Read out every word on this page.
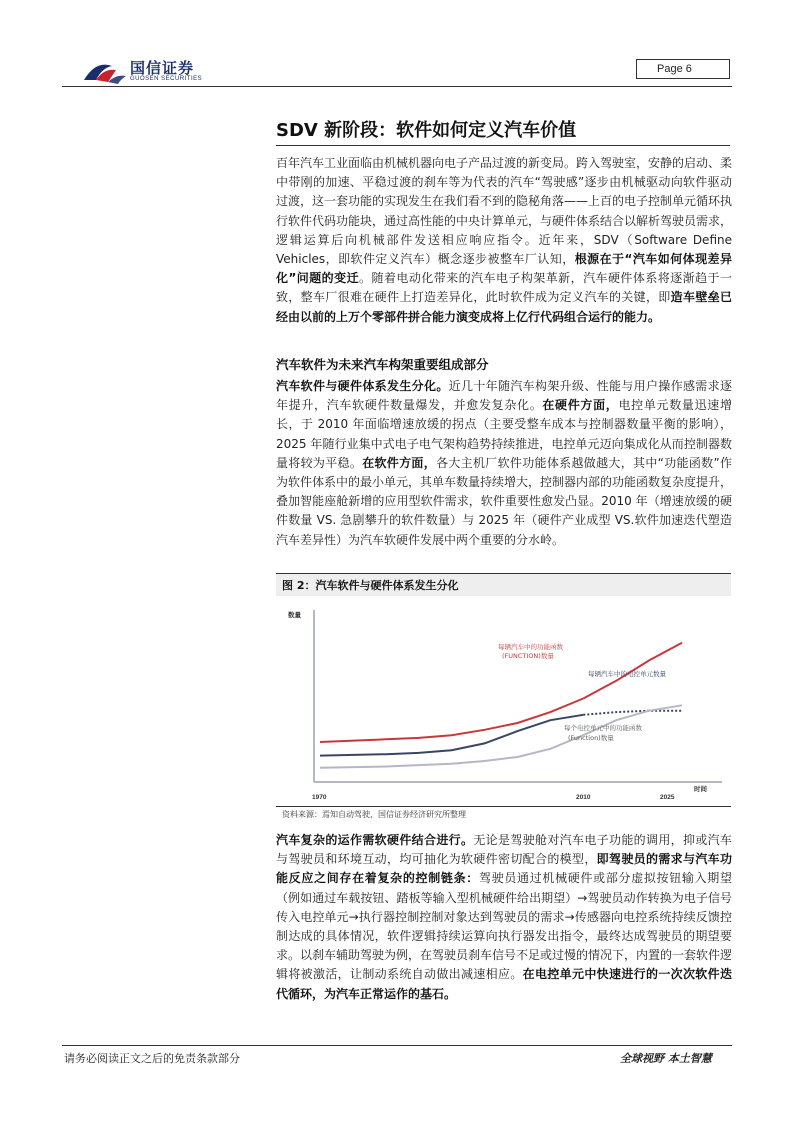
国信证券
GUOSEN SECURITIES
Page 6
SDV 新阶段：软件如何定义汽车价值
百年汽车工业面临由机械机器向电子产品过渡的新变局。跨入驾驶室，安静的启动、柔中带刚的加速、平稳过渡的刹车等为代表的汽车“驾驶感”逐步由机械驱动向软件驱动过渡，这一套功能的实现发生在我们看不到的隐秘角落——上百的电子控制单元循环执行软件代码功能块，通过高性能的中央计算单元，与硬件体系结合以解析驾驶员需求，逻辑运算后向机械部件发送相应响应指令。近年来，SDV（Software Define Vehicles，即软件定义汽车）概念逐步被整车厂认知，根源在于“汽车如何体现差异化”问题的变迁。随着电动化带来的汽车电子构架革新，汽车硬件体系将逐渐趋于一致，整车厂很难在硬件上打造差异化，此时软件成为定义汽车的关键，即造车壁垒已经由以前的上万个零部件拼合能力演变成将上亿行代码组合运行的能力。
汽车软件为未来汽车构架重要组成部分
汽车软件与硬件体系发生分化。近几十年随汽车构架升级、性能与用户操作感需求逐年提升，汽车软硬件数量爆发，并愈发复杂化。在硬件方面，电控单元数量迅速增长，于 2010 年面临增速放缓的拐点（主要受整车成本与控制器数量平衡的影响），2025 年随行业集中式电子电气架构趋势持续推进，电控单元迈向集成化从而控制器数量将较为平稳。在软件方面，各大主机厂软件功能体系越做越大，其中“功能函数”作为软件体系中的最小单元，其单车数量持续增大，控制器内部的功能函数复杂度提升，叠加智能座舱新增的应用型软件需求，软件重要性愈发凸显。2010 年（增速放缓的硬件数量 VS. 急剧攀升的软件数量）与 2025 年（硬件产业成型 VS.软件加速迭代塑造汽车差异性）为汽车软硬件发展中两个重要的分水岭。
图 2：汽车软件与硬件体系发生分化
数量
时间
1970	2010	2025
每辆汽车中的功能函数
(FUNCTION)数量
每辆汽车中的电控单元数量
每个电控单元中的功能函数
(Function)数量
资料来源：焉知自动驾驶，国信证券经济研究所整理
汽车复杂的运作需软硬件结合进行。无论是驾驶舱对汽车电子功能的调用，抑或汽车与驾驶员和环境互动，均可抽化为软硬件密切配合的模型，即驾驶员的需求与汽车功能反应之间存在着复杂的控制链条：驾驶员通过机械硬件或部分虚拟按钮输入期望（例如通过车载按钮、踏板等输入型机械硬件给出期望）→驾驶员动作转换为电子信号传入电控单元→执行器控制控制对象达到驾驶员的需求→传感器向电控系统持续反馈控制达成的具体情况，软件逻辑持续运算向执行器发出指令，最终达成驾驶员的期望要求。以刹车辅助驾驶为例，在驾驶员刹车信号不足或过慢的情况下，内置的一套软件逻辑将被激活，让制动系统自动做出减速相应。在电控单元中快速进行的一次次软件迭代循环，为汽车正常运作的基石。
请务必阅读正文之后的免责条款部分	全球视野 本土智慧
